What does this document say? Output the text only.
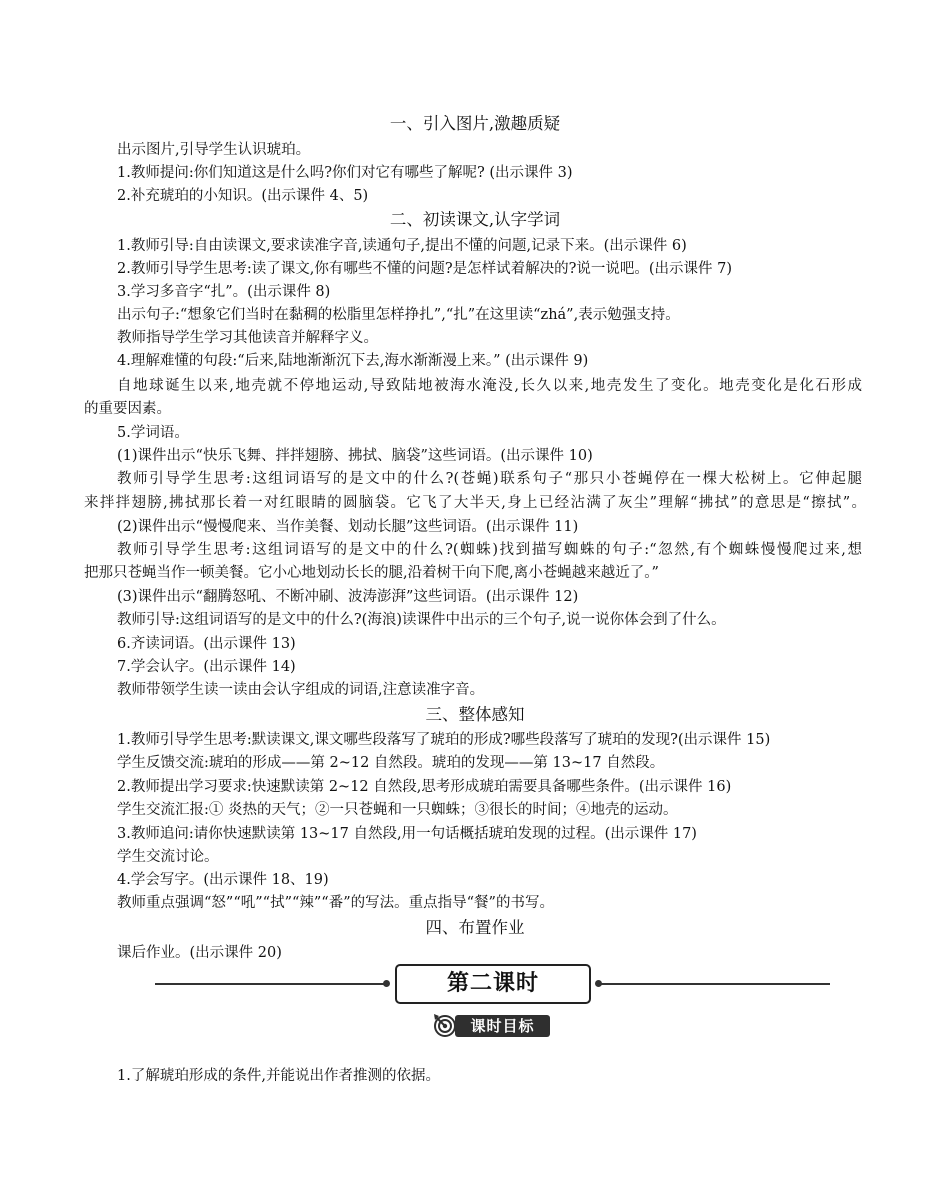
一、引入图片,激趣质疑
出示图片,引导学生认识琥珀。
1.教师提问:你们知道这是什么吗?你们对它有哪些了解呢? (出示课件 3)
2.补充琥珀的小知识。(出示课件 4、5)
二、初读课文,认字学词
1.教师引导:自由读课文,要求读准字音,读通句子,提出不懂的问题,记录下来。(出示课件 6)
2.教师引导学生思考:读了课文,你有哪些不懂的问题?是怎样试着解决的?说一说吧。(出示课件 7)
3.学习多音字“扎”。(出示课件 8)
出示句子:“想象它们当时在黏稠的松脂里怎样挣扎”,“扎”在这里读“zhá”,表示勉强支持。
教师指导学生学习其他读音并解释字义。
4.理解难懂的句段:“后来,陆地渐渐沉下去,海水渐渐漫上来。” (出示课件 9)
自地球诞生以来,地壳就不停地运动,导致陆地被海水淹没,长久以来,地壳发生了变化。地壳变化是化石形成
的重要因素。
5.学词语。
(1)课件出示“快乐飞舞、拌拌翅膀、拂拭、脑袋”这些词语。(出示课件 10)
教师引导学生思考:这组词语写的是文中的什么?(苍蝇)联系句子“那只小苍蝇停在一棵大松树上。它伸起腿
来拌拌翅膀,拂拭那长着一对红眼睛的圆脑袋。它飞了大半天,身上已经沾满了灰尘”理解“拂拭”的意思是“擦拭”。
(2)课件出示“慢慢爬来、当作美餐、划动长腿”这些词语。(出示课件 11)
教师引导学生思考:这组词语写的是文中的什么?(蜘蛛)找到描写蜘蛛的句子:“忽然,有个蜘蛛慢慢爬过来,想
把那只苍蝇当作一顿美餐。它小心地划动长长的腿,沿着树干向下爬,离小苍蝇越来越近了。”
(3)课件出示“翻腾怒吼、不断冲刷、波涛澎湃”这些词语。(出示课件 12)
教师引导:这组词语写的是文中的什么?(海浪)读课件中出示的三个句子,说一说你体会到了什么。
6.齐读词语。(出示课件 13)
7.学会认字。(出示课件 14)
教师带领学生读一读由会认字组成的词语,注意读准字音。
三、整体感知
1.教师引导学生思考:默读课文,课文哪些段落写了琥珀的形成?哪些段落写了琥珀的发现?(出示课件 15)
学生反馈交流:琥珀的形成——第 2~12 自然段。琥珀的发现——第 13~17 自然段。
2.教师提出学习要求:快速默读第 2~12 自然段,思考形成琥珀需要具备哪些条件。(出示课件 16)
学生交流汇报:① 炎热的天气；②一只苍蝇和一只蜘蛛；③很长的时间；④地壳的运动。
3.教师追问:请你快速默读第 13~17 自然段,用一句话概括琥珀发现的过程。(出示课件 17)
学生交流讨论。
4.学会写字。(出示课件 18、19)
教师重点强调“怒”“吼”“拭”“辣”“番”的写法。重点指导“餐”的书写。
四、布置作业
课后作业。(出示课件 20)
第二课时
课时目标
1.了解琥珀形成的条件,并能说出作者推测的依据。
